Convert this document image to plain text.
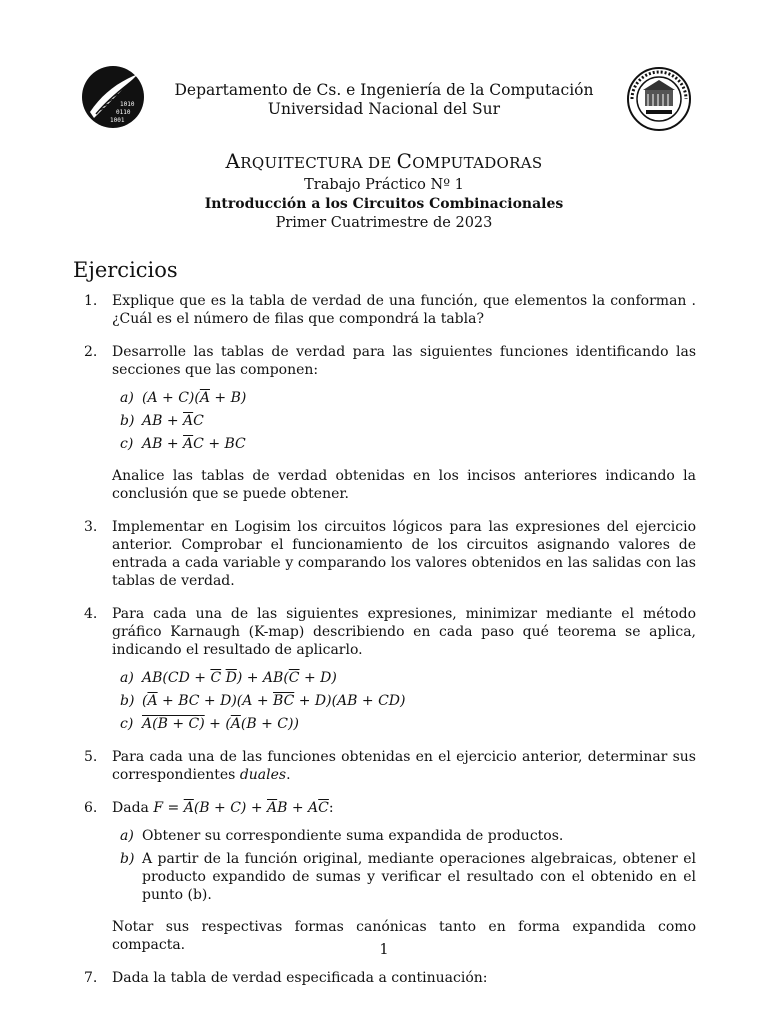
1010
0110
1001
Departamento de Cs. e Ingeniería de la Computación
Universidad Nacional del Sur
ARQUITECTURA DE COMPUTADORAS
Trabajo Práctico Nº 1
Introducción a los Circuitos Combinacionales
Primer Cuatrimestre de 2023
Ejercicios
1. Explique que es la tabla de verdad de una función, que elementos la conforman . ¿Cuál es el número de filas que compondrá la tabla?
2. Desarrolle las tablas de verdad para las siguientes funciones identificando las secciones que las componen:
a) $(A + C)(\overline{A} + B)$
b) AB + $\overline{A}C$
c) AB + $\overline{A}C$ + BC
Analice las tablas de verdad obtenidas en los incisos anteriores indicando la conclusión que se puede obtener.
3. Implementar en Logisim los circuitos lógicos para las expresiones del ejercicio anterior. Comprobar el funcionamiento de los circuitos asignando valores de entrada a cada variable y comparando los valores obtenidos en las salidas con las tablas de verdad.
4. Para cada una de las siguientes expresiones, minimizar mediante el método gráfico Karnaugh (K-map) describiendo en cada paso qué teorema se aplica, indicando el resultado de aplicarlo.
a) $AB(CD + \overline{C}$ $\overline{D}) + AB(\overline{C} + D)$
b) ($\overline{A}$ + BC + $D)(A + \overline{BC} + D)(AB + CD)$
c) $A(B + C) + (\overline{A}(B + C))$
5. Para cada una de las funciones obtenidas en el ejercicio anterior, determinar sus correspondientes duales.
6. Dada $F = \overline{A}(B + C) + \overline{A}B + A\overline{C}$:
a) Obtener su correspondiente suma expandida de productos.
b) A partir de la función original, mediante operaciones algebraicas, obtener el producto expandido de sumas y verificar el resultado con el obtenido en el punto (b).
Notar sus respectivas formas canónicas tanto en forma expandida como compacta.
7. Dada la tabla de verdad especificada a continuación:
1
